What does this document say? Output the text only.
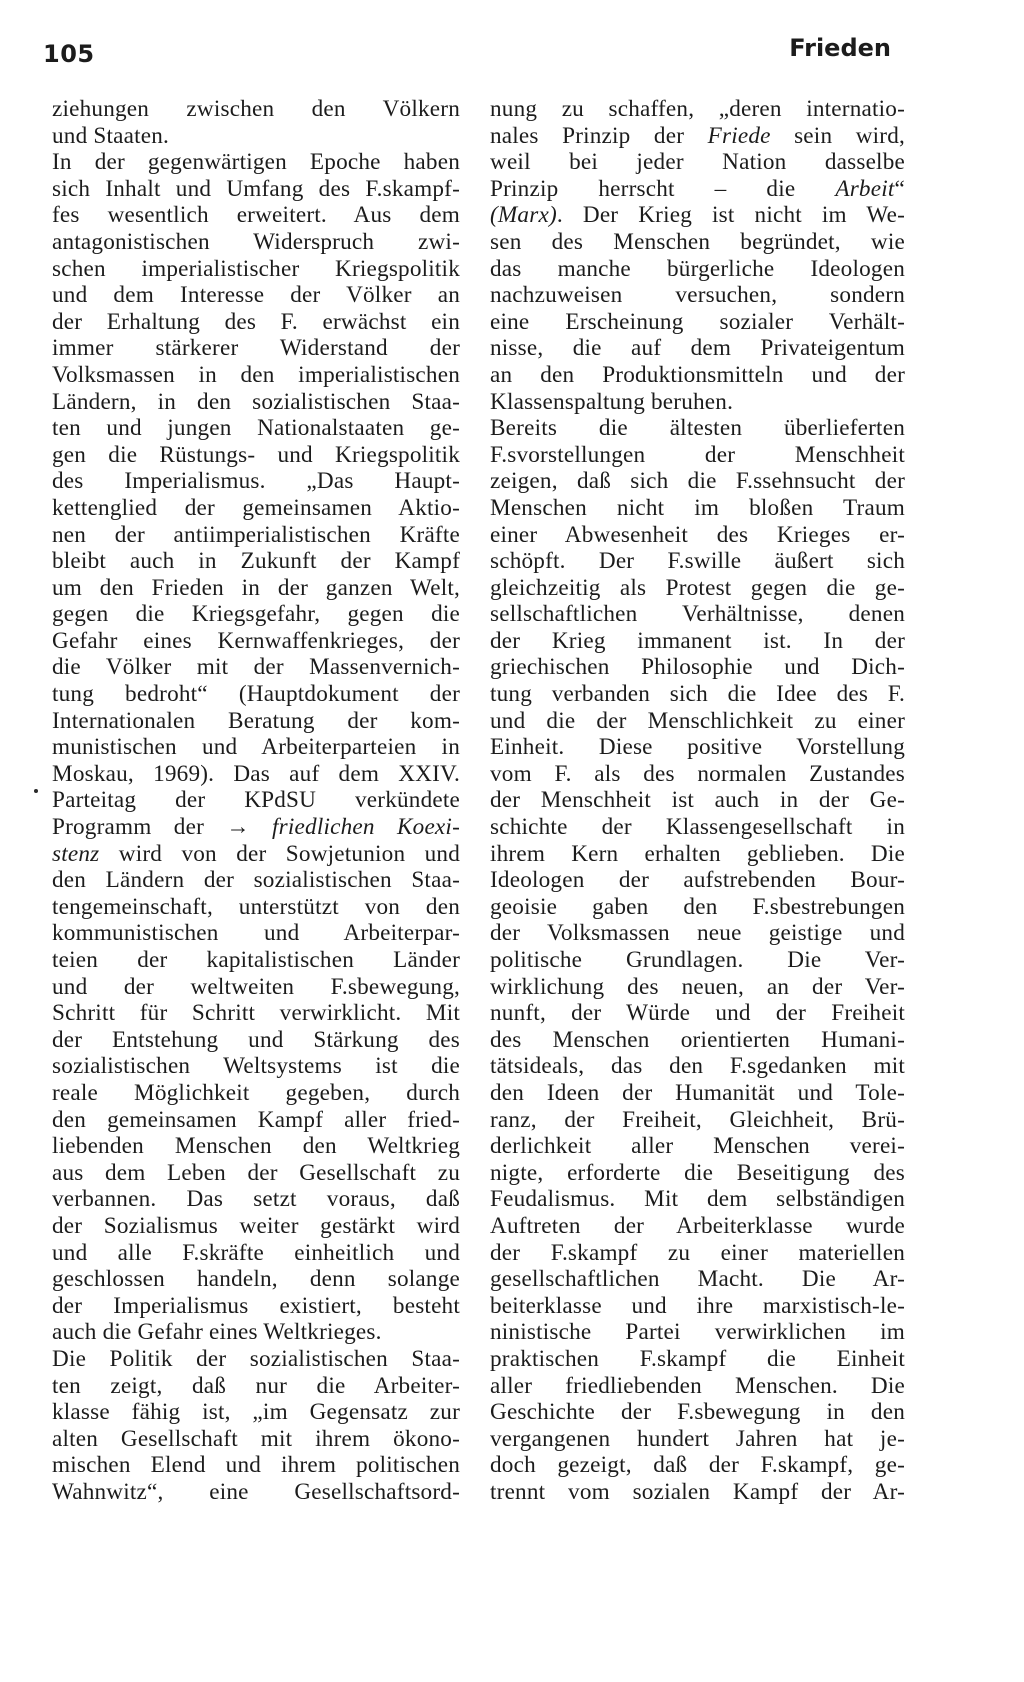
105	Frieden
ziehungen zwischen den Völkern
und Staaten.
In der gegenwärtigen Epoche haben
sich Inhalt und Umfang des F.skampf-
fes wesentlich erweitert. Aus dem
antagonistischen Widerspruch zwi-
schen imperialistischer Kriegspolitik
und dem Interesse der Völker an
der Erhaltung des F. erwächst ein
immer stärkerer Widerstand der
Volksmassen in den imperialistischen
Ländern, in den sozialistischen Staa-
ten und jungen Nationalstaaten ge-
gen die Rüstungs- und Kriegspolitik
des Imperialismus. „Das Haupt-
kettenglied der gemeinsamen Aktio-
nen der antiimperialistischen Kräfte
bleibt auch in Zukunft der Kampf
um den Frieden in der ganzen Welt,
gegen die Kriegsgefahr, gegen die
Gefahr eines Kernwaffenkrieges, der
die Völker mit der Massenvernich-
tung bedroht“ (Hauptdokument der
Internationalen Beratung der kom-
munistischen und Arbeiterparteien in
Moskau, 1969). Das auf dem XXIV.
Parteitag der KPdSU verkündete
Programm der → friedlichen Koexi-
stenz wird von der Sowjetunion und
den Ländern der sozialistischen Staa-
tengemeinschaft, unterstützt von den
kommunistischen und Arbeiterpar-
teien der kapitalistischen Länder
und der weltweiten F.sbewegung,
Schritt für Schritt verwirklicht. Mit
der Entstehung und Stärkung des
sozialistischen Weltsystems ist die
reale Möglichkeit gegeben, durch
den gemeinsamen Kampf aller fried-
liebenden Menschen den Weltkrieg
aus dem Leben der Gesellschaft zu
verbannen. Das setzt voraus, daß
der Sozialismus weiter gestärkt wird
und alle F.skräfte einheitlich und
geschlossen handeln, denn solange
der Imperialismus existiert, besteht
auch die Gefahr eines Weltkrieges.
Die Politik der sozialistischen Staa-
ten zeigt, daß nur die Arbeiter-
klasse fähig ist, „im Gegensatz zur
alten Gesellschaft mit ihrem ökono-
mischen Elend und ihrem politischen
Wahnwitz“, eine Gesellschaftsord-
nung zu schaffen, „deren internatio-
nales Prinzip der Friede sein wird,
weil bei jeder Nation dasselbe
Prinzip herrscht – die Arbeit“
(Marx). Der Krieg ist nicht im We-
sen des Menschen begründet, wie
das manche bürgerliche Ideologen
nachzuweisen versuchen, sondern
eine Erscheinung sozialer Verhält-
nisse, die auf dem Privateigentum
an den Produktionsmitteln und der
Klassenspaltung beruhen.
Bereits die ältesten überlieferten
F.svorstellungen der Menschheit
zeigen, daß sich die F.ssehnsucht der
Menschen nicht im bloßen Traum
einer Abwesenheit des Krieges er-
schöpft. Der F.swille äußert sich
gleichzeitig als Protest gegen die ge-
sellschaftlichen Verhältnisse, denen
der Krieg immanent ist. In der
griechischen Philosophie und Dich-
tung verbanden sich die Idee des F.
und die der Menschlichkeit zu einer
Einheit. Diese positive Vorstellung
vom F. als des normalen Zustandes
der Menschheit ist auch in der Ge-
schichte der Klassengesellschaft in
ihrem Kern erhalten geblieben. Die
Ideologen der aufstrebenden Bour-
geoisie gaben den F.sbestrebungen
der Volksmassen neue geistige und
politische Grundlagen. Die Ver-
wirklichung des neuen, an der Ver-
nunft, der Würde und der Freiheit
des Menschen orientierten Humani-
tätsideals, das den F.sgedanken mit
den Ideen der Humanität und Tole-
ranz, der Freiheit, Gleichheit, Brü-
derlichkeit aller Menschen verei-
nigte, erforderte die Beseitigung des
Feudalismus. Mit dem selbständigen
Auftreten der Arbeiterklasse wurde
der F.skampf zu einer materiellen
gesellschaftlichen Macht. Die Ar-
beiterklasse und ihre marxistisch-le-
ninistische Partei verwirklichen im
praktischen F.skampf die Einheit
aller friedliebenden Menschen. Die
Geschichte der F.sbewegung in den
vergangenen hundert Jahren hat je-
doch gezeigt, daß der F.skampf, ge-
trennt vom sozialen Kampf der Ar-
